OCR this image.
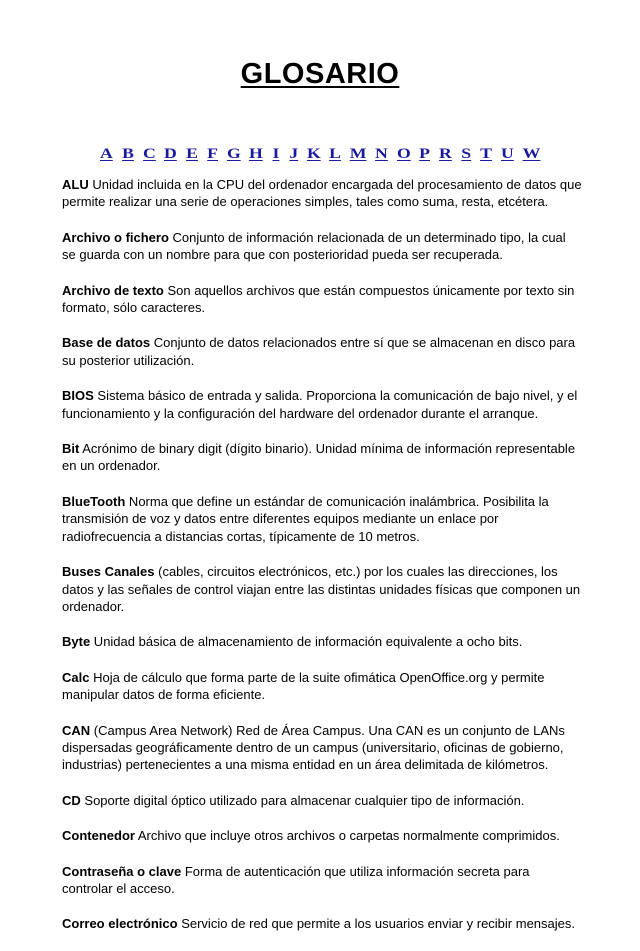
GLOSARIO
A B C D E F G H I J K L M N O P R S T U W

ALU Unidad incluida en la CPU del ordenador encargada del procesamiento de datos que permite realizar una serie de operaciones simples, tales como suma, resta, etcétera.

Archivo o fichero Conjunto de información relacionada de un determinado tipo, la cual se guarda con un nombre para que con posterioridad pueda ser recuperada.

Archivo de texto Son aquellos archivos que están compuestos únicamente por texto sin formato, sólo caracteres.

Base de datos Conjunto de datos relacionados entre sí que se almacenan en disco para su posterior utilización.

BIOS Sistema básico de entrada y salida. Proporciona la comunicación de bajo nivel, y el funcionamiento y la configuración del hardware del ordenador durante el arranque.

Bit Acrónimo de binary digit (dígito binario). Unidad mínima de información representable en un ordenador.

BlueTooth Norma que define un estándar de comunicación inalámbrica. Posibilita la transmisión de voz y datos entre diferentes equipos mediante un enlace por radiofrecuencia a distancias cortas, típicamente de 10 metros.

Buses Canales (cables, circuitos electrónicos, etc.) por los cuales las direcciones, los datos y las señales de control viajan entre las distintas unidades físicas que componen un ordenador.

Byte Unidad básica de almacenamiento de información equivalente a ocho bits.

Calc Hoja de cálculo que forma parte de la suite ofimática OpenOffice.org y permite manipular datos de forma eficiente.

CAN (Campus Area Network) Red de Área Campus. Una CAN es un conjunto de LANs dispersadas geográficamente dentro de un campus (universitario, oficinas de gobierno, industrias) pertenecientes a una misma entidad en un área delimitada de kilómetros.

CD Soporte digital óptico utilizado para almacenar cualquier tipo de información.

Contenedor Archivo que incluye otros archivos o carpetas normalmente comprimidos.

Contraseña o clave Forma de autenticación que utiliza información secreta para controlar el acceso.

Correo electrónico Servicio de red que permite a los usuarios enviar y recibir mensajes.
